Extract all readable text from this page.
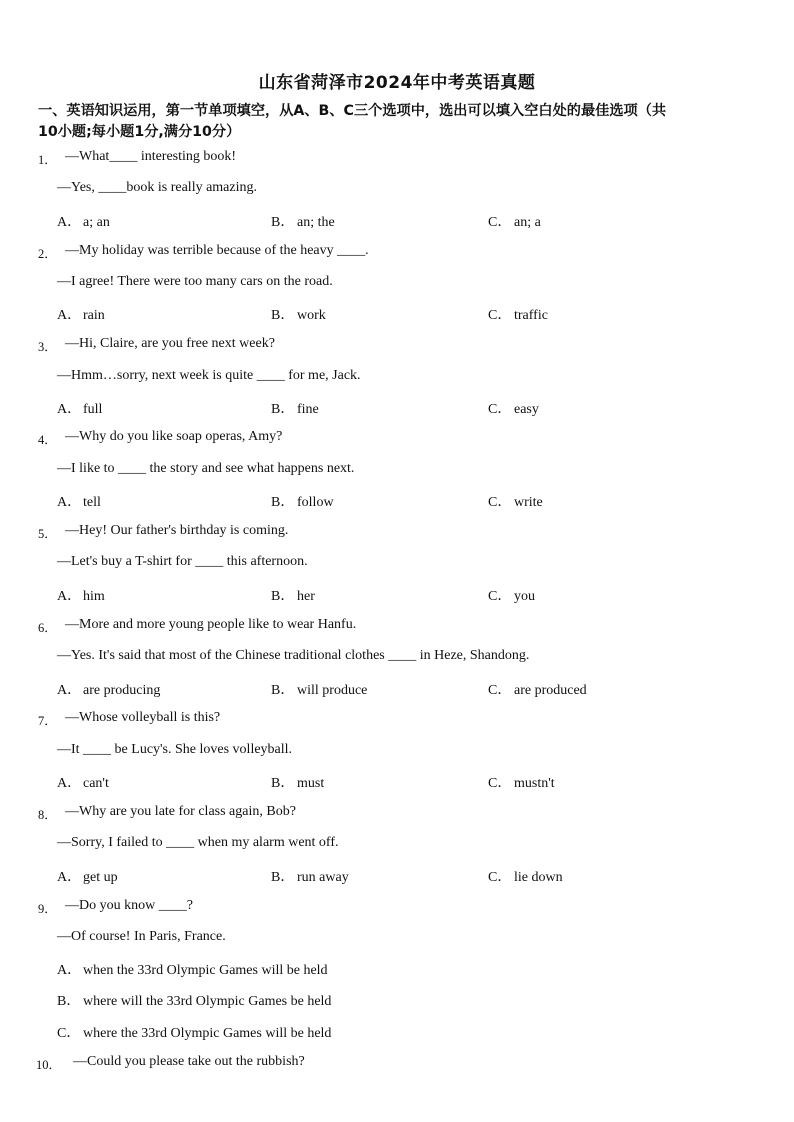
山东省菏泽市2024年中考英语真题
一、英语知识运用，第一节单项填空，从A、B、C三个选项中，选出可以填入空白处的最佳选项（共
10小题;每小题1分,满分10分）
1． —What____ interesting book!
—Yes, ____book is really amazing.
A． a; an	B． an; the	C． an; a
2． —My holiday was terrible because of the heavy ____.
—I agree! There were too many cars on the road.
A． rain	B． work	C． traffic
3． —Hi, Claire, are you free next week?
—Hmm…sorry, next week is quite ____ for me, Jack.
A． full	B． fine	C． easy
4． —Why do you like soap operas, Amy?
—I like to ____ the story and see what happens next.
A． tell	B． follow	C． write
5． —Hey! Our father's birthday is coming.
—Let's buy a T-shirt for ____ this afternoon.
A． him	B． her	C． you
6． —More and more young people like to wear Hanfu.
—Yes. It's said that most of the Chinese traditional clothes ____ in Heze, Shandong.
A． are producing	B． will produce	C． are produced
7． —Whose volleyball is this?
—It ____ be Lucy's. She loves volleyball.
A． can't	B． must	C． mustn't
8． —Why are you late for class again, Bob?
—Sorry, I failed to ____ when my alarm went off.
A． get up	B． run away	C． lie down
9． —Do you know ____?
—Of course! In Paris, France.
A． when the 33rd Olympic Games will be held
B． where will the 33rd Olympic Games be held
C． where the 33rd Olympic Games will be held
10． —Could you please take out the rubbish?
